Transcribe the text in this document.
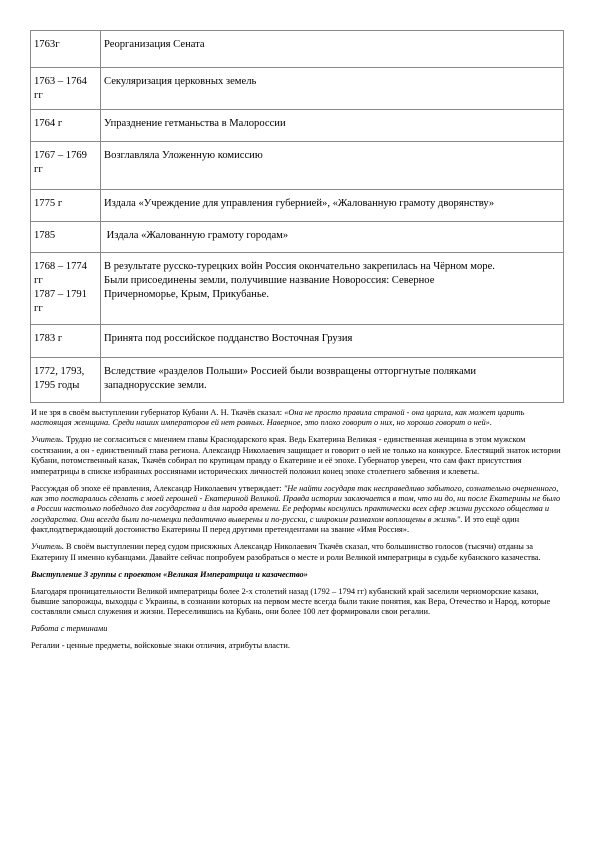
1763г	Реорганизация Сената

1763 – 1764
гг	Секуляризация церковных земель

1764 г	Упразднение гетманьства в Малороссии

1767 – 1769
гг	Возглавляла Уложенную комиссию

1775 г	Издала «Учреждение для управления губернией», «Жалованную грамоту дворянству»

1785	Издала «Жалованную грамоту городам»

1768 – 1774
гг
1787 – 1791
гг	В результате русско-турецких войн Россия окончательно закрепилась на Чёрном море.
Были присоединены земли, получившие название Новороссия: Северное
Причерноморье, Крым, Прикубанье.

1783 г	Принята под российское подданство Восточная Грузия

1772, 1793,
1795 годы	Вследствие «разделов Польши» Россией были возвращены отторгнутые поляками
западнорусские земли.

И не зря в своём выступлении губернатор Кубани А. Н. Ткачёв сказал: «Она не просто правила страной - она царила, как может царить настоящая женщина. Среди наших императоров ей нет равных. Наверное, это плохо говорит о них, но хорошо говорит о ней».

Учитель. Трудно не согласиться с мнением главы Краснодарского края. Ведь Екатерина Великая - единственная женщина в этом мужском состязании, а он - единственный глава региона. Александр Николаевич защищает и говорит о ней не только на конкурсе. Блестящий знаток истории Кубани, потомственный казак, Ткачёв собирал по крупицам правду о Екатерине и её эпохе. Губернатор уверен, что сам факт присутствия императрицы в списке избранных россиянами исторических личностей положил конец эпохе столетнего забвения и клеветы.

Рассуждая об эпохе её правления, Александр Николаевич утверждает: "Не найти государя так несправедливо забытого, сознательно очерненного, как это постарались сделать с моей героиней - Екатериной Великой. Правда истории заключается в том, что ни до, ни после Екатерины не было в России настолько победного для государства и для народа времени. Ее реформы коснулись практически всех сфер жизни русского общества и государства. Они всегда были по-немецки педантично выверены и по-русски, с широким размахом воплощены в жизнь". И это ещё один факт,подтверждающий достоинство Екатерины II перед другими претендентами на звание «Имя Россия».

Учитель. В своём выступлении перед судом присяжных Александр Николаевич Ткачёв сказал, что большинство голосов (тысячи) отданы за Екатерину II именно кубанцами. Давайте сейчас попробуем разобраться о месте и роли Великой императрицы в судьбе кубанского казачества.

Выступление 3 группы с проектом «Великая Императрица и казачество»

Благодаря проницательности Великой императрицы более 2-х столетий назад (1792 – 1794 гг) кубанский край заселили черноморские казаки, бывшие запорожцы, выходцы с Украины, в сознании которых на первом месте всегда были такие понятия, как Вера, Отечество и Народ, которые составляли смысл служения и жизни. Переселившись на Кубань, они более 100 лет формировали свои регалии.

Работа с терминами

Регалии - ценные предметы, войсковые знаки отличия, атрибуты власти.
